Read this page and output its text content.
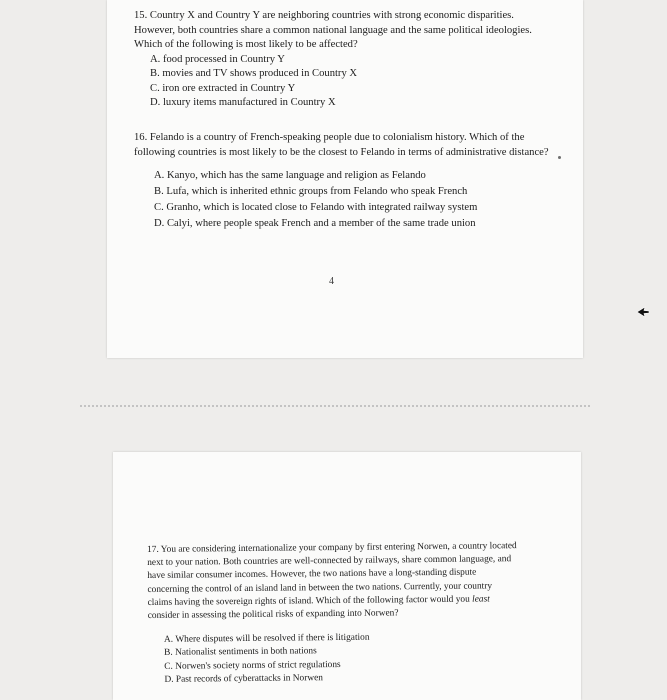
15. Country X and Country Y are neighboring countries with strong economic disparities. However, both countries share a common national language and the same political ideologies. Which of the following is most likely to be affected?

A. food processed in Country Y
B. movies and TV shows produced in Country X
C. iron ore extracted in Country Y
D. luxury items manufactured in Country X

16. Felando is a country of French-speaking people due to colonialism history. Which of the following countries is most likely to be the closest to Felando in terms of administrative distance?

A. Kanyo, which has the same language and religion as Felando
B. Lufa, which is inherited ethnic groups from Felando who speak French
C. Granho, which is located close to Felando with integrated railway system
D. Calyi, where people speak French and a member of the same trade union
4

17. You are considering internationalize your company by first entering Norwen, a country located next to your nation. Both countries are well-connected by railways, share common language, and have similar consumer incomes. However, the two nations have a long-standing dispute concerning the control of an island land in between the two nations. Currently, your country claims having the sovereign rights of island. Which of the following factor would you least consider in assessing the political risks of expanding into Norwen?

A. Where disputes will be resolved if there is litigation
B. Nationalist sentiments in both nations
C. Norwen's society norms of strict regulations
D. Past records of cyberattacks in Norwen
